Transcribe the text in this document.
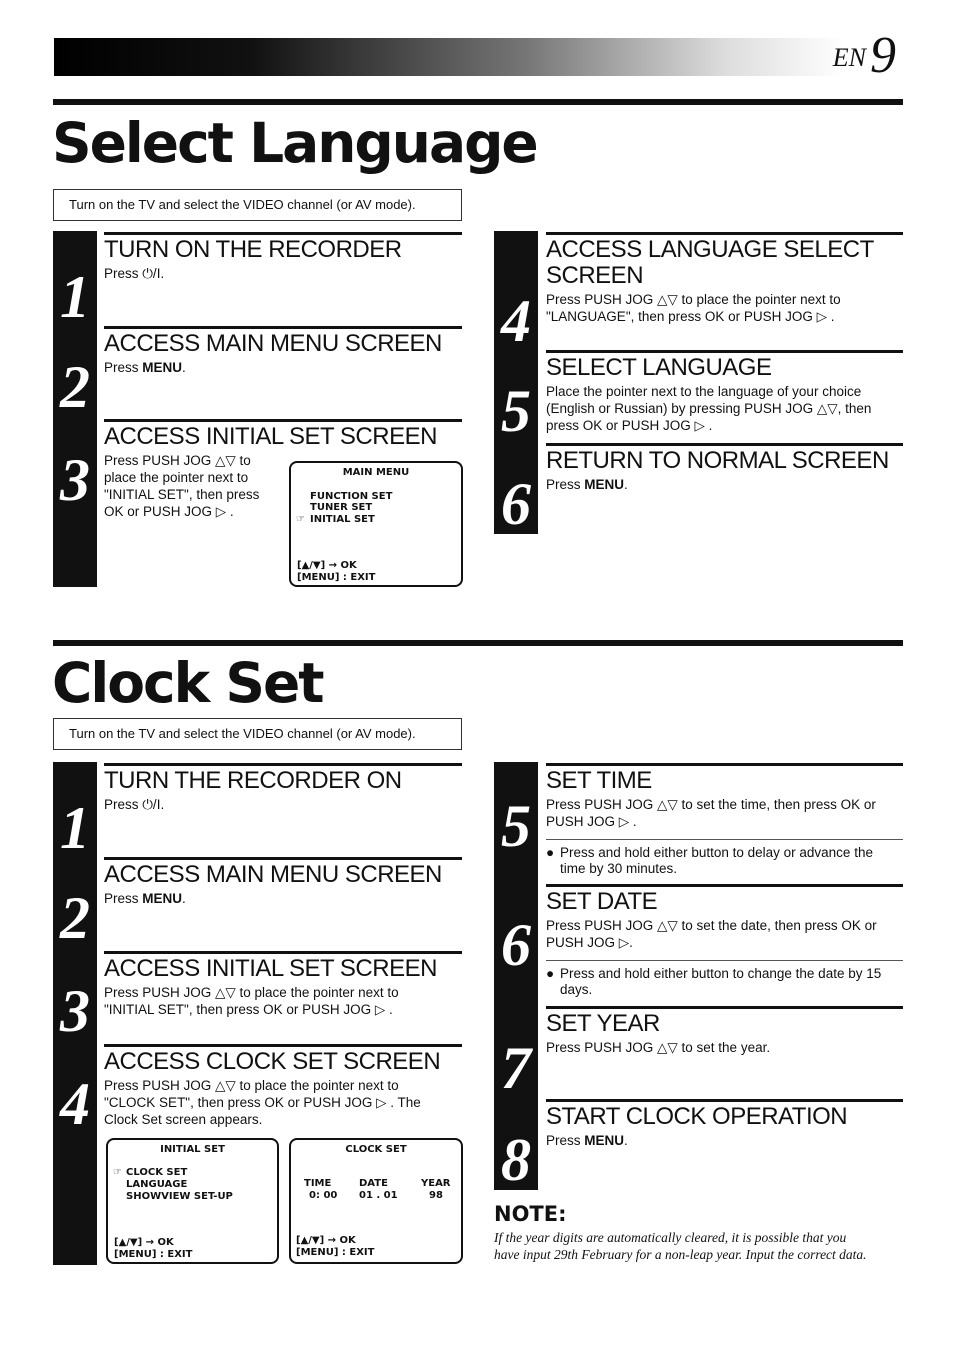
EN9
Select Language
Turn on the TV and select the VIDEO channel (or AV mode).
1
2
3
TURN ON THE RECORDER

Press ⏻/I.

ACCESS MAIN MENU SCREEN

Press MENU.

ACCESS INITIAL SET SCREEN

Press PUSH JOG △▽ to
place the pointer next to
"INITIAL SET", then press
OK or PUSH JOG ▷ .

MAIN MENU
FUNCTION SET
TUNER SET
☞ INITIAL SET
[▲/▼] → OK
[MENU] : EXIT
4
5
6
ACCESS LANGUAGE SELECT
SCREEN

Press PUSH JOG △▽ to place the pointer next to
"LANGUAGE", then press OK or PUSH JOG ▷ .

SELECT LANGUAGE

Place the pointer next to the language of your choice
(English or Russian) by pressing PUSH JOG △▽, then
press OK or PUSH JOG ▷ .

RETURN TO NORMAL SCREEN

Press MENU.

Clock Set
Turn on the TV and select the VIDEO channel (or AV mode).
1
2
3
4
TURN THE RECORDER ON

Press ⏻/I.

ACCESS MAIN MENU SCREEN

Press MENU.

ACCESS INITIAL SET SCREEN

Press PUSH JOG △▽ to place the pointer next to
"INITIAL SET", then press OK or PUSH JOG ▷ .

ACCESS CLOCK SET SCREEN

Press PUSH JOG △▽ to place the pointer next to
"CLOCK SET", then press OK or PUSH JOG ▷ . The
Clock Set screen appears.

INITIAL SET
☞ CLOCK SET
LANGUAGE
SHOWVIEW SET-UP
[▲/▼] → OK
[MENU] : EXIT
CLOCK SET
TIME	DATE	YEAR
0: 00 01 . 01	98
[▲/▼] → OK
[MENU] : EXIT
5
6
7
8
SET TIME

Press PUSH JOG △▽ to set the time, then press OK or
PUSH JOG ▷ .

● Press and hold either button to delay or advance the
time by 30 minutes.
SET DATE

Press PUSH JOG △▽ to set the date, then press OK or
PUSH JOG ▷.

● Press and hold either button to change the date by 15
days.
SET YEAR

Press PUSH JOG △▽ to set the year.

START CLOCK OPERATION

Press MENU.

NOTE:
If the year digits are automatically cleared, it is possible that you
have input 29th February for a non-leap year. Input the correct data.
